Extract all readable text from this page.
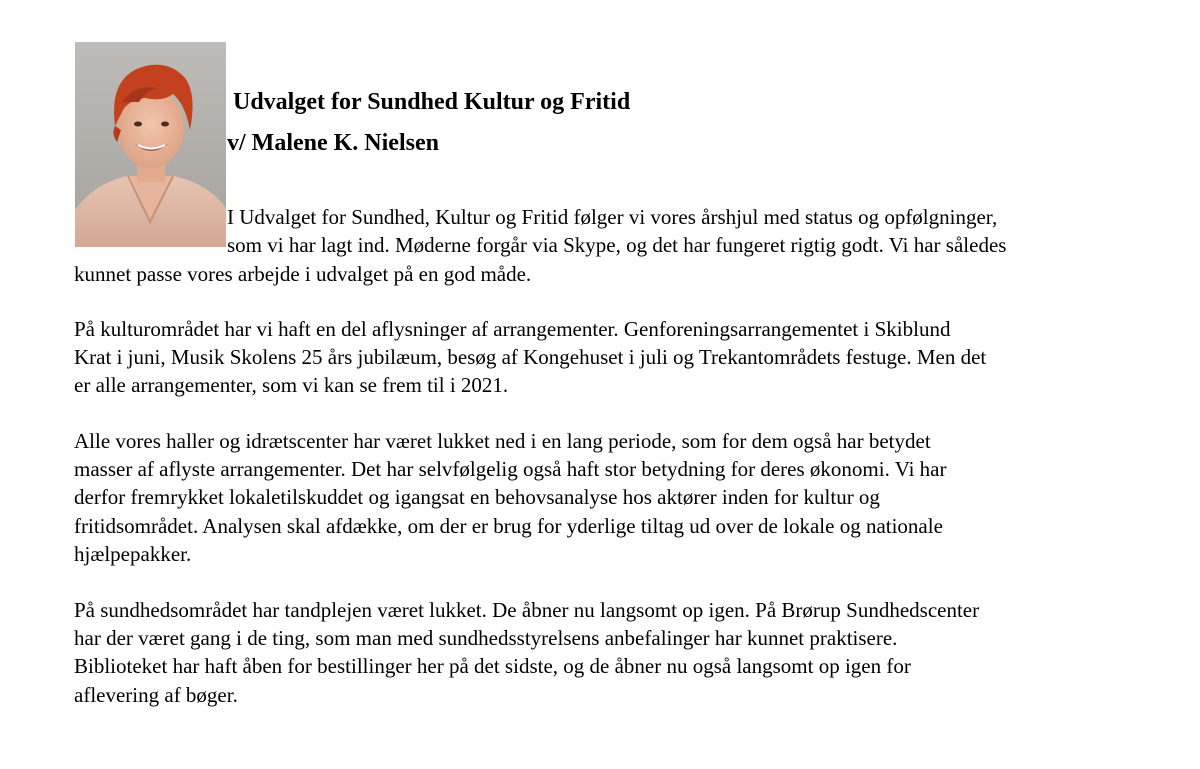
Udvalget for Sundhed Kultur og Fritid
v/ Malene K. Nielsen

I Udvalget for Sundhed, Kultur og Fritid følger vi vores årshjul med status og opfølgninger,

som vi har lagt ind. Møderne forgår via Skype, og det har fungeret rigtig godt. Vi har således

kunnet passe vores arbejde i udvalget på en god måde.

På kulturområdet har vi haft en del aflysninger af arrangementer. Genforeningsarrangementet i Skiblund

Krat i juni, Musik Skolens 25 års jubilæum, besøg af Kongehuset i juli og Trekantområdets festuge. Men det

er alle arrangementer, som vi kan se frem til i 2021.

Alle vores haller og idrætscenter har været lukket ned i en lang periode, som for dem også har betydet

masser af aflyste arrangementer. Det har selvfølgelig også haft stor betydning for deres økonomi. Vi har

derfor fremrykket lokaletilskuddet og igangsat en behovsanalyse hos aktører inden for kultur og

fritidsområdet. Analysen skal afdække, om der er brug for yderlige tiltag ud over de lokale og nationale

hjælpepakker.

På sundhedsområdet har tandplejen været lukket. De åbner nu langsomt op igen. På Brørup Sundhedscenter

har der været gang i de ting, som man med sundhedsstyrelsens anbefalinger har kunnet praktisere.

Biblioteket har haft åben for bestillinger her på det sidste, og de åbner nu også langsomt op igen for

aflevering af bøger.
